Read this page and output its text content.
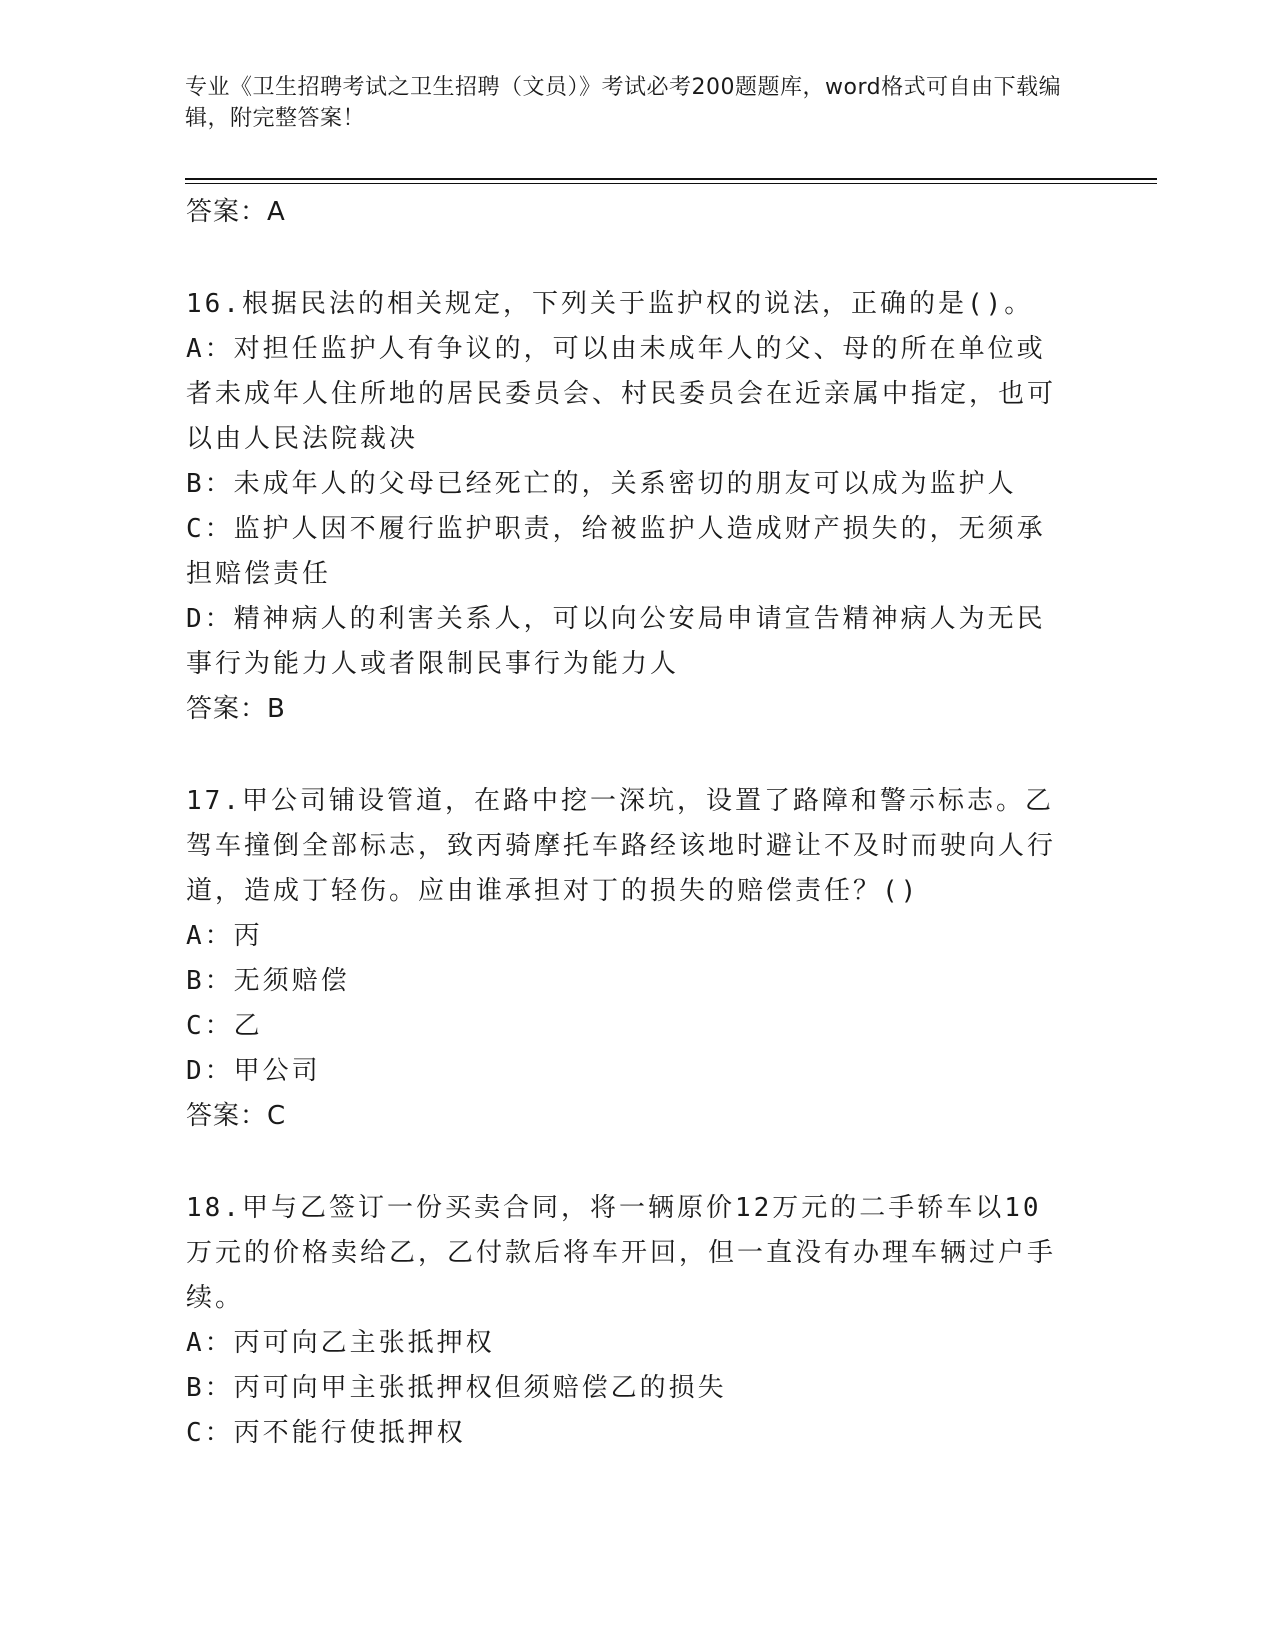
专业《卫生招聘考试之卫生招聘（文员）》考试必考200题题库，word格式可自由下载编辑，附完整答案！
答案：A

16.根据民法的相关规定，下列关于监护权的说法，正确的是()。

A：对担任监护人有争议的，可以由未成年人的父、母的所在单位或者未成年人住所地的居民委员会、村民委员会在近亲属中指定，也可以由人民法院裁决

B：未成年人的父母已经死亡的，关系密切的朋友可以成为监护人

C：监护人因不履行监护职责，给被监护人造成财产损失的，无须承担赔偿责任

D：精神病人的利害关系人，可以向公安局申请宣告精神病人为无民事行为能力人或者限制民事行为能力人

答案：B

17.甲公司铺设管道，在路中挖一深坑，设置了路障和警示标志。乙驾车撞倒全部标志，致丙骑摩托车路经该地时避让不及时而驶向人行道，造成丁轻伤。应由谁承担对丁的损失的赔偿责任？()

A：丙

B：无须赔偿

C：乙

D：甲公司

答案：C

18.甲与乙签订一份买卖合同，将一辆原价12万元的二手轿车以10万元的价格卖给乙，乙付款后将车开回，但一直没有办理车辆过户手续。

A：丙可向乙主张抵押权

B：丙可向甲主张抵押权但须赔偿乙的损失

C：丙不能行使抵押权
